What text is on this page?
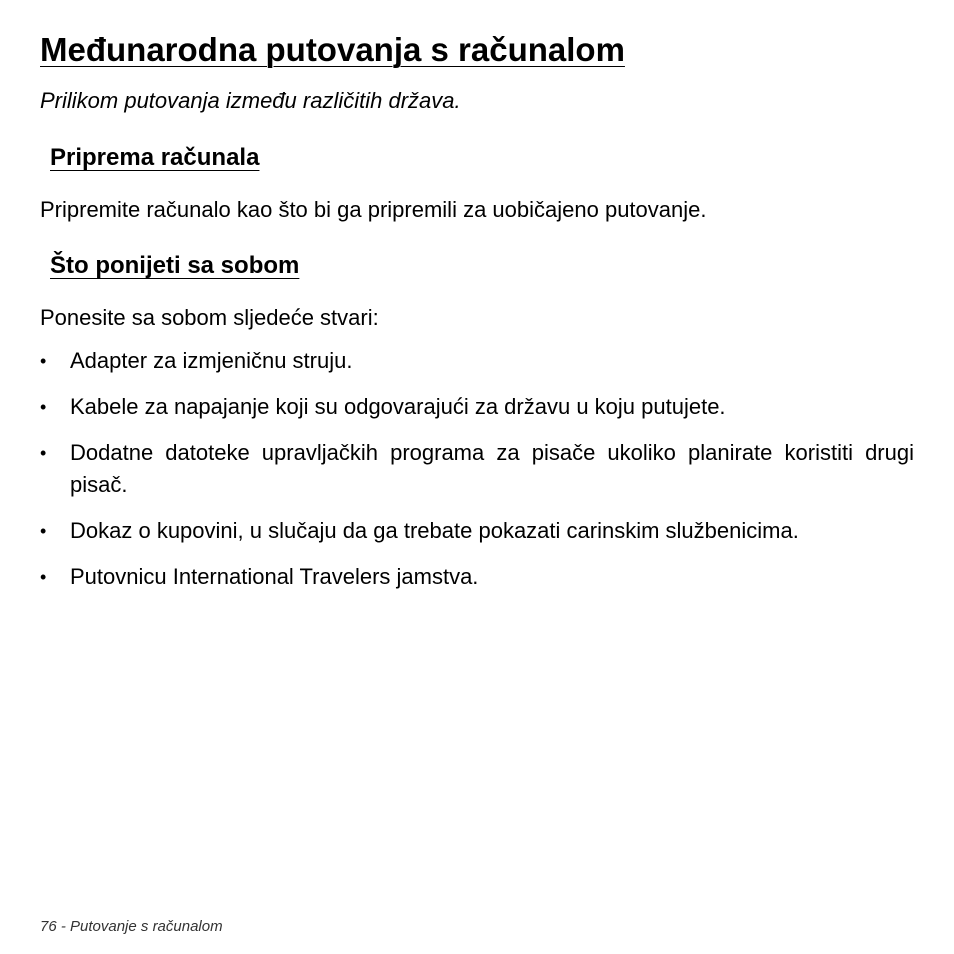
Međunarodna putovanja s računalom

Prilikom putovanja između različitih država.

Priprema računala

Pripremite računalo kao što bi ga pripremili za uobičajeno putovanje.

Što ponijeti sa sobom

Ponesite sa sobom sljedeće stvari:

• Adapter za izmjeničnu struju.
• Kabele za napajanje koji su odgovarajući za državu u koju putujete.
• Dodatne datoteke upravljačkih programa za pisače ukoliko planirate koristiti drugi pisač.
• Dokaz o kupovini, u slučaju da ga trebate pokazati carinskim službenicima.
• Putovnicu International Travelers jamstva.

76 - Putovanje s računalom
